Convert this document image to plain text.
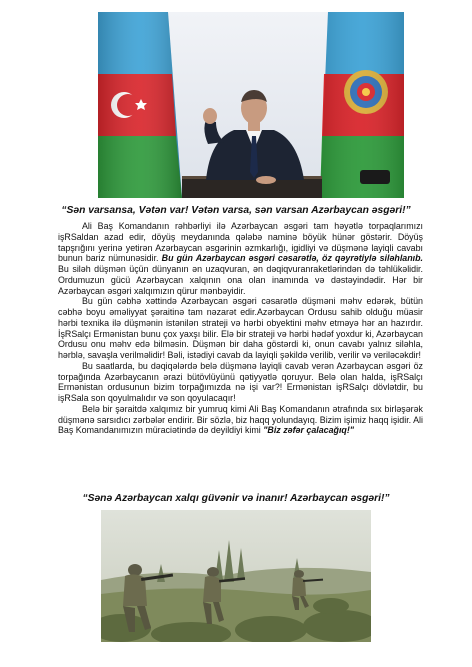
“Sən varsansa, Vətən var! Vətən varsa, sən varsan Azərbaycan əsgəri!”

Ali Baş Komandanın rəhbərliyi ilə Azərbaycan əsgəri tam həyətlə torpaqlarımızı işRSaldan azad edir, döyüş meydanında qələbə naminə böyük hünər göstərir. Döyüş tapşrığını yerinə yetirən Azərbaycan əsgərinin əzmkarlığı, igidliyi və düşmənə layiqli cavabı bunun bariz nümunəsidir. Bu gün Azərbaycan əsgəri cəsarətlə, öz qəyrətiylə siləhlanıb. Bu siləh düşmən üçün dünyanın ən uzaqvuran, ən dəqiqvuranraketlərindən də təhlükəlidir. Ordumuzun gücü Azərbaycan xalqının ona olan inamında və dəstəyindədir. Hər bir Azərbaycan əsgəri xalqımızın qürur mənbəyidir.

Bu gün cəbhə xəttində Azərbaycan əsgəri cəsarətlə düşməni məhv edərək, bütün cəbhə boyu əməliyyat şəraitinə tam nəzarət edir.Azərbaycan Ordusu sahib olduğu müasir hərbi texnika ilə düşmənin istənilən strateji və hərbi obyektini məhv etməyə hər an hazırdır. İşRSalçı Ermənistan bunu çox yaxşı bilir. Elə bir strateji və hərbi hədəf yoxdur ki, Azərbaycan Ordusu onu məhv edə bilməsin. Düşmən bir daha göstərdi ki, onun cavabı yalnız siləhla, hərblə, savaşla verilməlidir! Bəli, istədiyi cavab da layiqli şəkildə verilib, verilir və veriləcəkdir!

Bu saatlarda, bu dəqiqələrdə belə düşmənə layiqli cavab verən Azərbaycan əsgəri öz torpağında Azərbaycanın ərazi bütövlüyünü qətiyyətlə qoruyur. Belə olan halda, işRSalçı Ermənistan ordusunun bizim torpağımızda nə işi var?! Ermənistan işRSalçı dövlətdir, bu işRSala son qoyulmalıdır və son qoyulacaqır!

Belə bir şəraitdə xalqımız bir yumruq kimi Ali Baş Komandanın ətrafında sıx birləşərək düşmənə sarsıdıcı zərbələr endirir. Bir sözlə, biz haqq yolundayıq. Bizim işimiz haqq işidir. Ali Baş Komandanımızın müraciətində də deyildiyi kimi "Biz zəfər çalacağıq!"

“Sənə Azərbaycan xalqı güvənir və inanır! Azərbaycan əsgəri!”
